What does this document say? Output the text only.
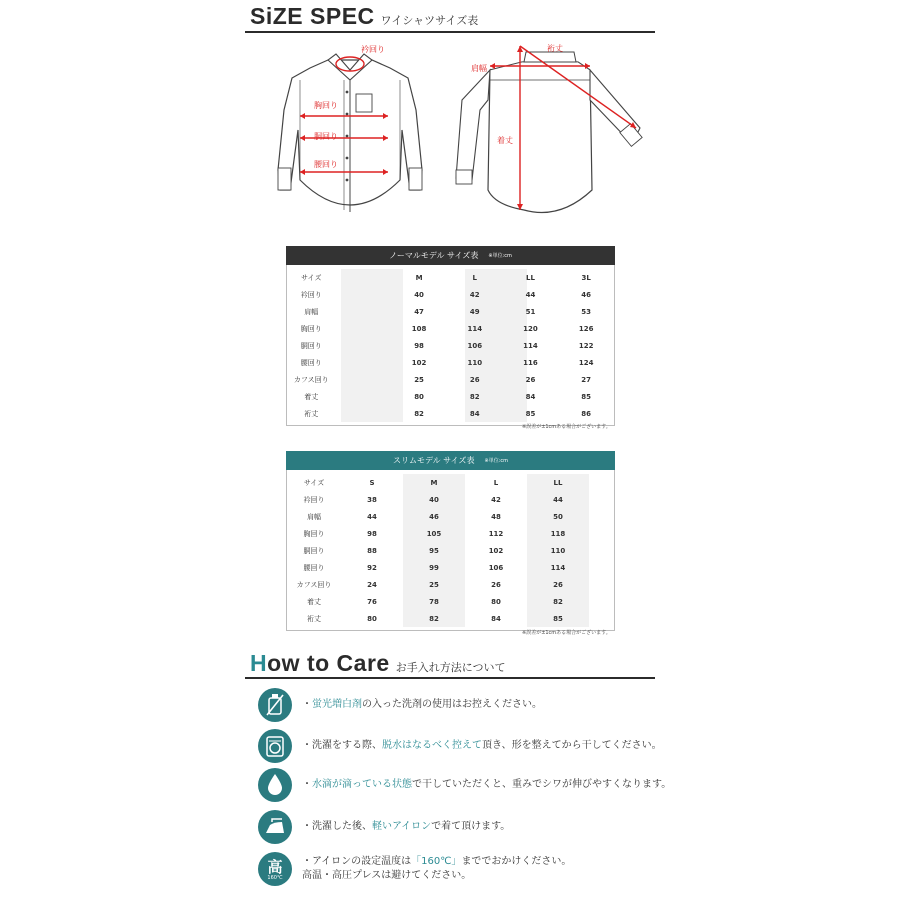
SiZE SPEC ワイシャツサイズ表
衿回り
胸回り
胴回り
腰回り
肩幅
裄丈
着丈
ノーマルモデル サイズ表 ※単位:cm
サイズ	M	L	LL	3L
衿回り	40	42	44	46
肩幅	47	49	51	53
胸回り	108	114	120	126
胴回り	98	106	114	122
腰回り	102	110	116	124
カフス回り	25	26	26	27
着丈	80	82	84	85
裄丈	82	84	85	86
※誤差が±1cmある場合がございます。
スリムモデル サイズ表 ※単位:cm
サイズ	S	M	L	LL
衿回り	38	40	42	44
肩幅	44	46	48	50
胸回り	98	105	112	118
胴回り	88	95	102	110
腰回り	92	99	106	114
カフス回り	24	25	26	26
着丈	76	78	80	82
裄丈	80	82	84	85
※誤差が±1cmある場合がございます。
How to Care お手入れ方法について
・蛍光増白剤の入った洗剤の使用はお控えください。
・洗濯をする際、脱水はなるべく控えて頂き、形を整えてから干してください。
・水滴が滴っている状態で干していただくと、重みでシワが伸びやすくなります。
・洗濯した後、軽いアイロンで着て頂けます。
高
160℃
・アイロンの設定温度は「160℃」まででおかけください。
高温・高圧プレスは避けてください。
